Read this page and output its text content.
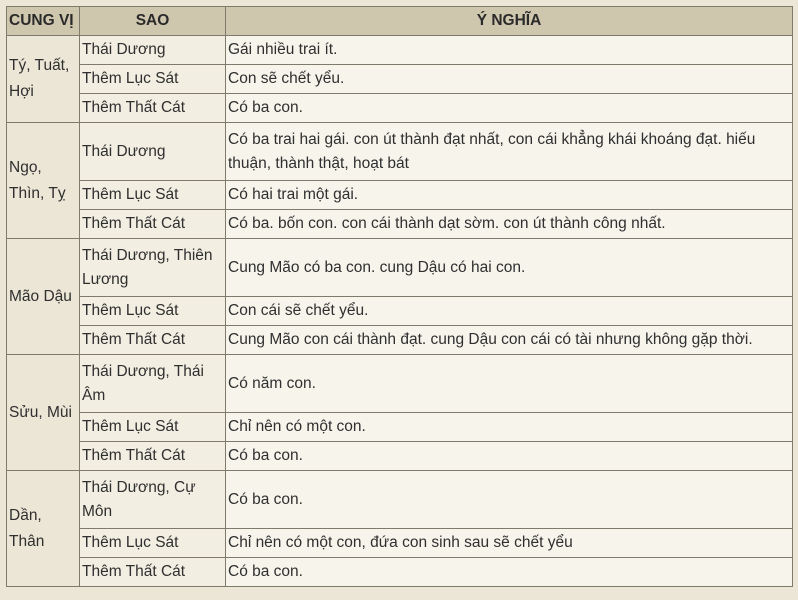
CUNG VỊ	SAO	Ý NGHĨA
Tý, Tuất, Hợi	Thái Dương	Gái nhiều trai ít.
	Thêm Lục Sát	Con sẽ chết yểu.
	Thêm Thất Cát	Có ba con.
Ngọ, Thìn, Tỵ	Thái Dương	Có ba trai hai gái. con út thành đạt nhất, con cái khẳng khái khoáng đạt. hiếu thuận, thành thật, hoạt bát
	Thêm Lục Sát	Có hai trai một gái.
	Thêm Thất Cát	Có ba. bốn con. con cái thành dạt sờm. con út thành công nhất.
Mão Dậu	Thái Dương, Thiên Lương	Cung Mão có ba con. cung Dậu có hai con.
	Thêm Lục Sát	Con cái sẽ chết yểu.
	Thêm Thất Cát	Cung Mão con cái thành đạt. cung Dậu con cái có tài nhưng không gặp thời.
Sửu, Mùi	Thái Dương, Thái Âm	Có năm con.
	Thêm Lục Sát	Chỉ nên có một con.
	Thêm Thất Cát	Có ba con.
Dần, Thân	Thái Dương, Cự Môn	Có ba con.
	Thêm Lục Sát	Chỉ nên có một con, đứa con sinh sau sẽ chết yểu
	Thêm Thất Cát	Có ba con.
